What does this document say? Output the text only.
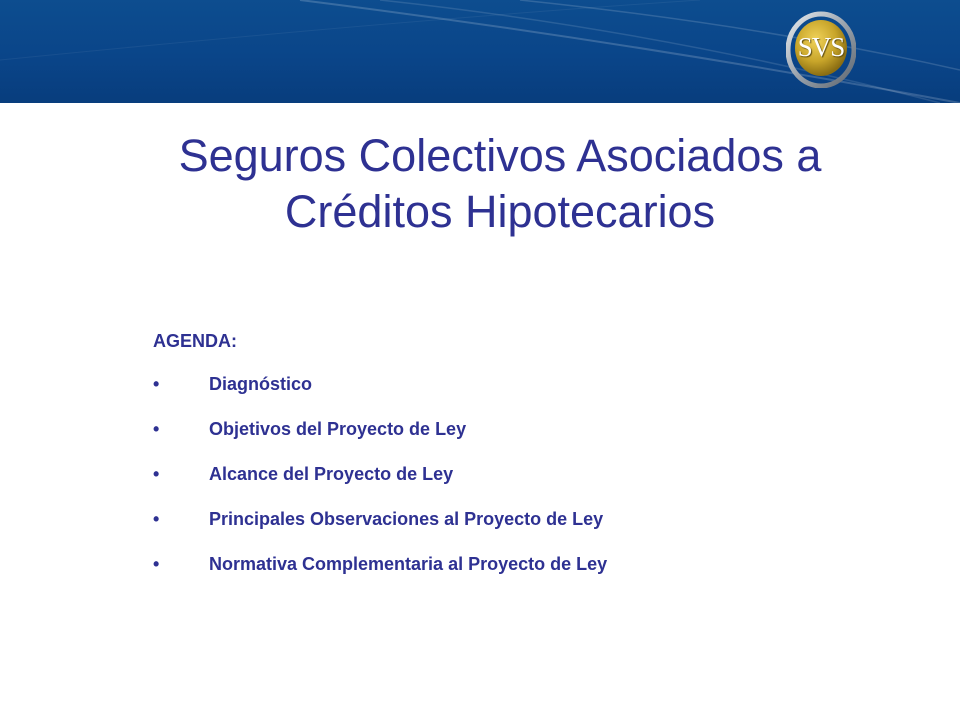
SVS
Seguros Colectivos Asociados a
Créditos Hipotecarios
AGENDA:
•	Diagnóstico
•	Objetivos del Proyecto de Ley
•	Alcance del Proyecto de Ley
•	Principales Observaciones al Proyecto de Ley
•	Normativa Complementaria al Proyecto de Ley
